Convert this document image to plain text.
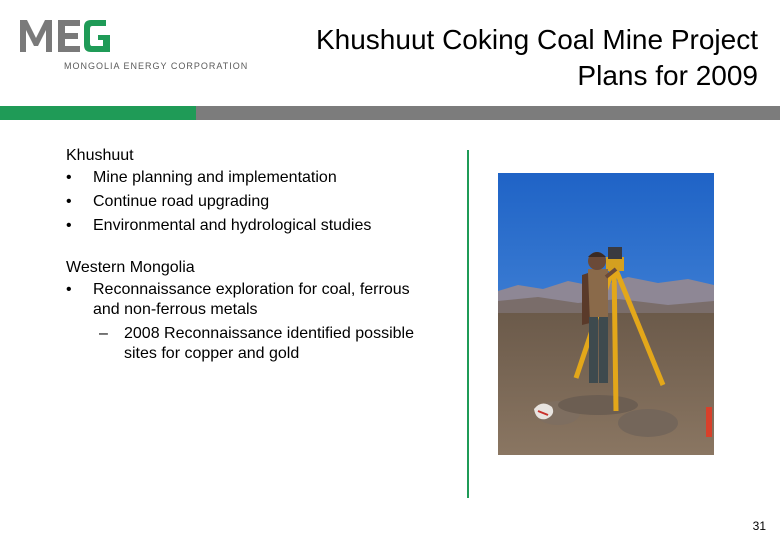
MONGOLIA ENERGY CORPORATION
Khushuut Coking Coal Mine Project
Plans for 2009
Khushuut
• Mine planning and implementation
• Continue road upgrading
• Environmental and hydrological studies
Western Mongolia
• Reconnaissance exploration for coal, ferrous and non-ferrous metals
– 2008 Reconnaissance identified possible sites for copper and gold
31
